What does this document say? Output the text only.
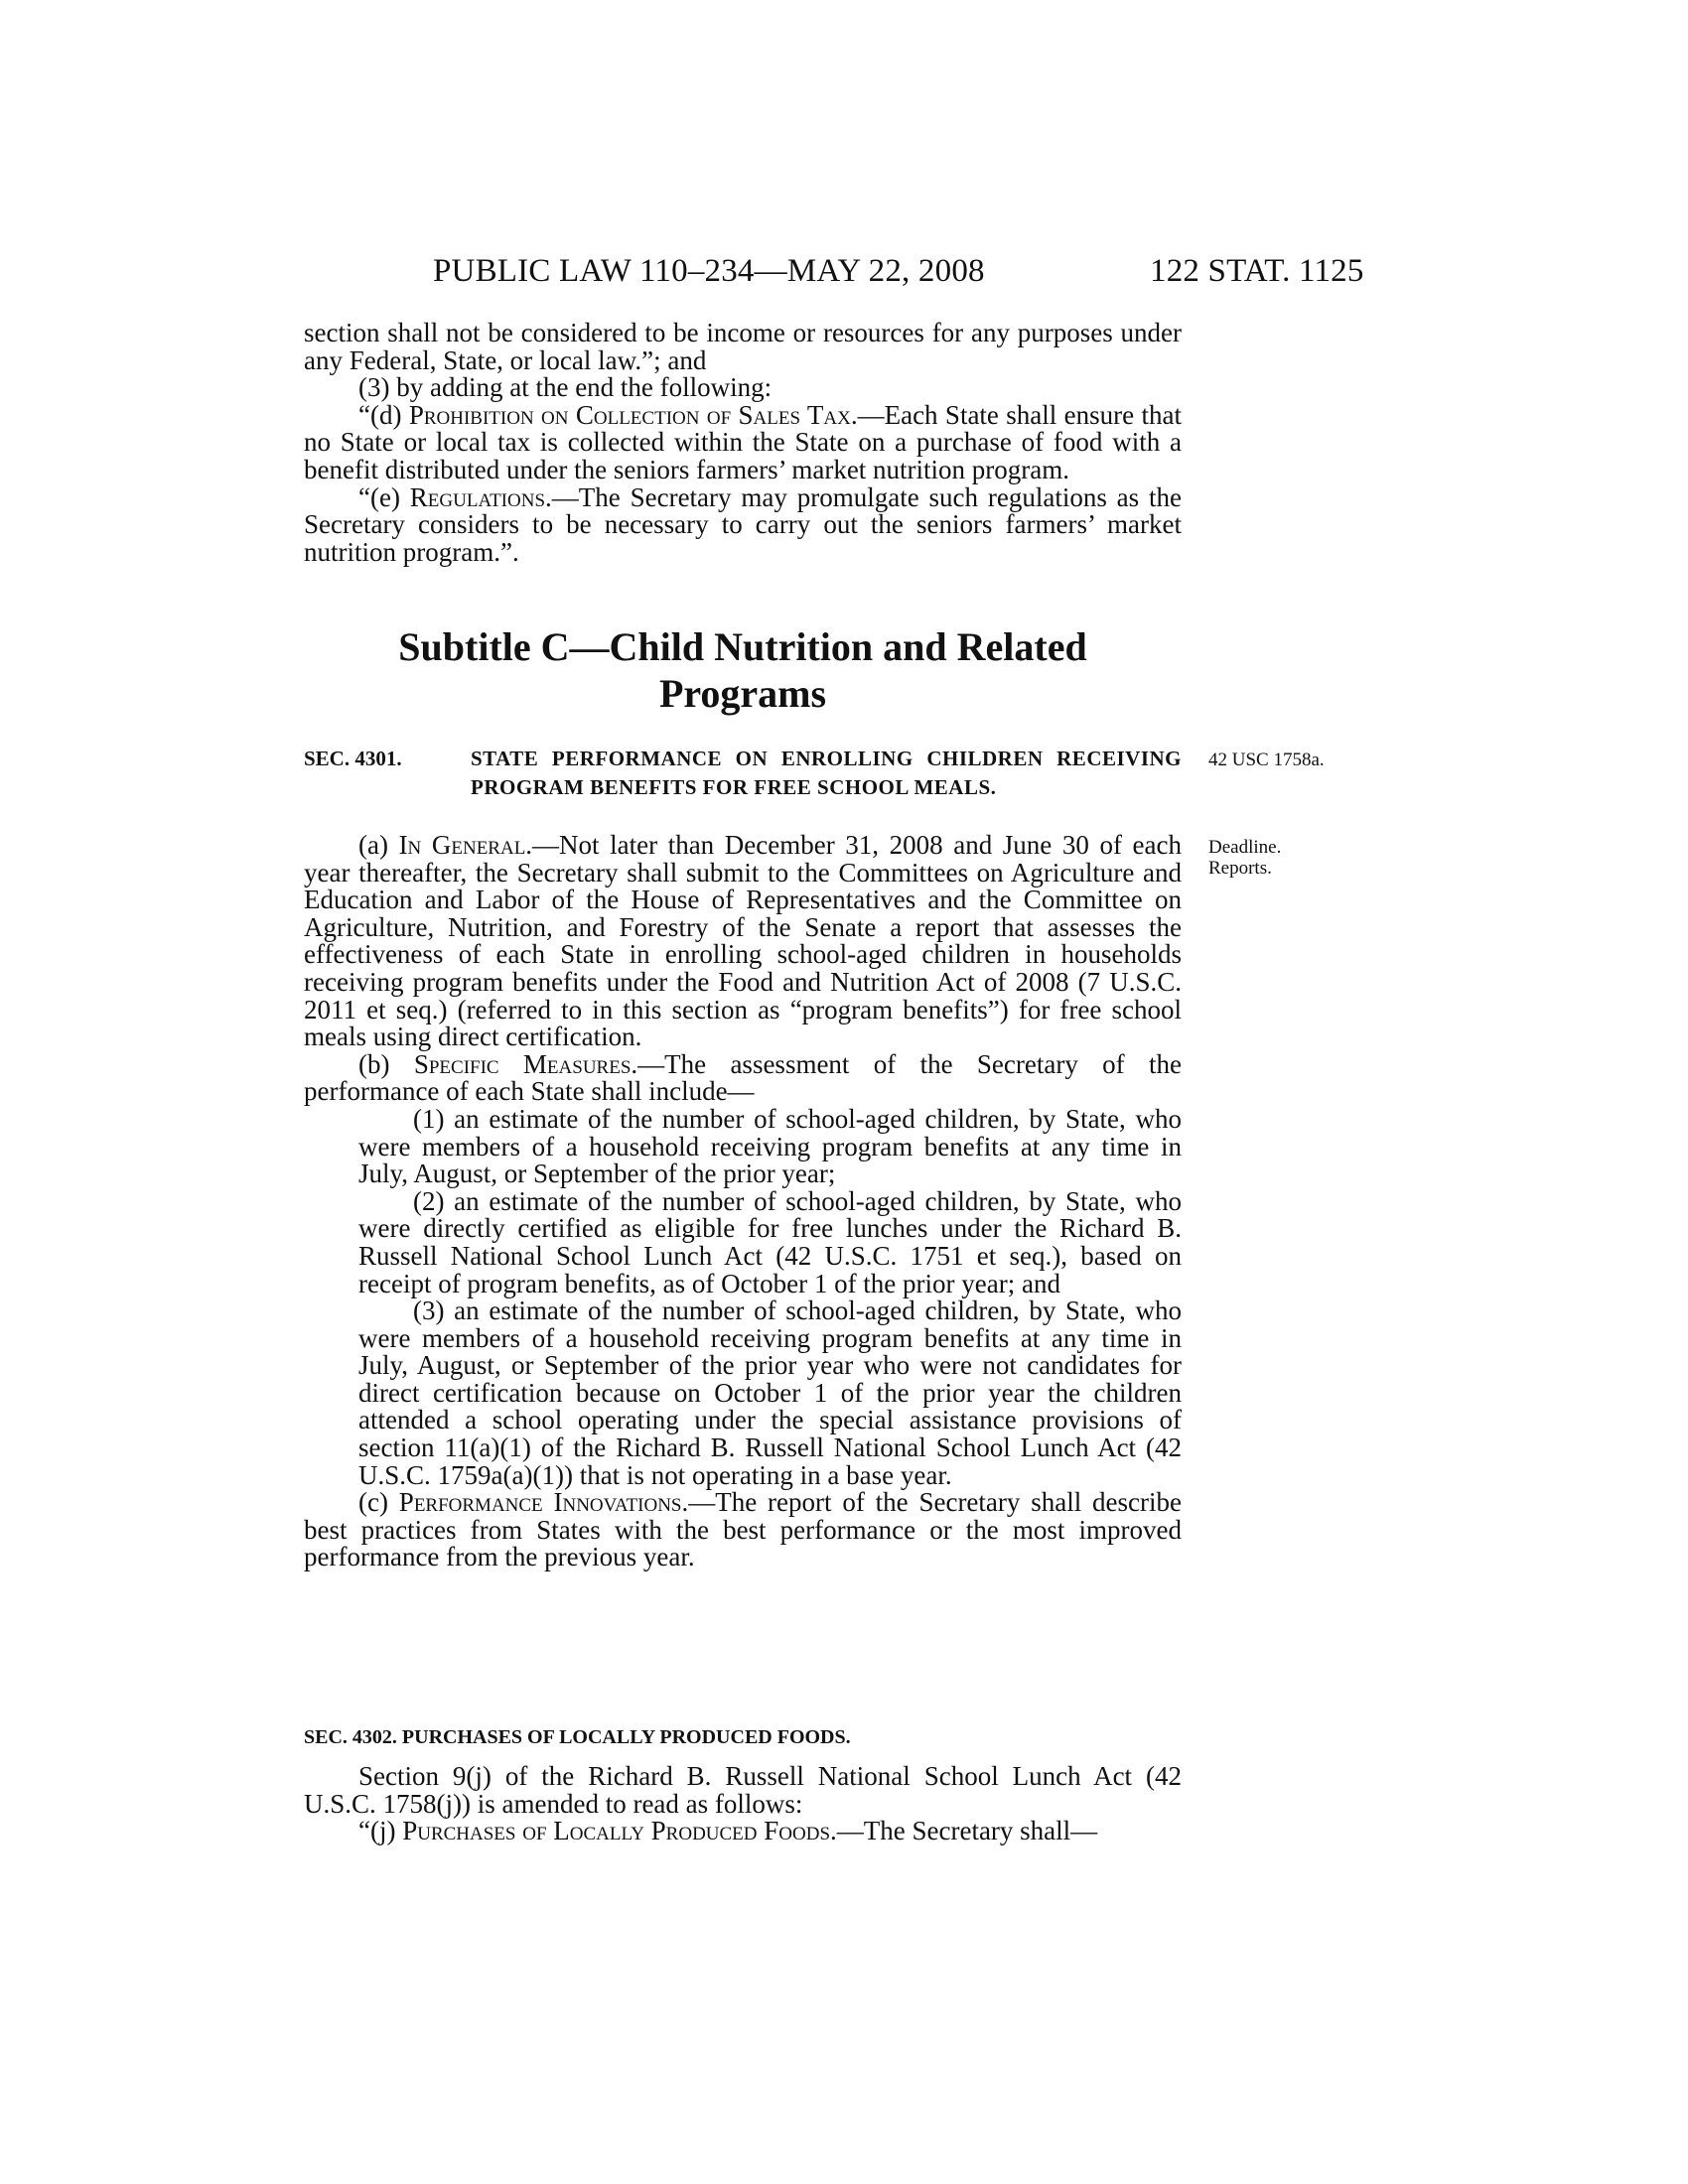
PUBLIC LAW 110–234—MAY 22, 2008	122 STAT. 1125

section shall not be considered to be income or resources for any purposes under any Federal, State, or local law.”; and

(3) by adding at the end the following:

“(d) Prohibition on Collection of Sales Tax.—Each State shall ensure that no State or local tax is collected within the State on a purchase of food with a benefit distributed under the seniors farmers’ market nutrition program.

“(e) Regulations.—The Secretary may promulgate such regulations as the Secretary considers to be necessary to carry out the seniors farmers’ market nutrition program.”.

Subtitle C—Child Nutrition and Related
Programs
SEC. 4301.	STATE PERFORMANCE ON ENROLLING CHILDREN RECEIVING PROGRAM BENEFITS FOR FREE SCHOOL MEALS.
42 USC 1758a.
Deadline.
Reports.

(a) In General.—Not later than December 31, 2008 and June 30 of each year thereafter, the Secretary shall submit to the Committees on Agriculture and Education and Labor of the House of Representatives and the Committee on Agriculture, Nutrition, and Forestry of the Senate a report that assesses the effectiveness of each State in enrolling school-aged children in households receiving program benefits under the Food and Nutrition Act of 2008 (7 U.S.C. 2011 et seq.) (referred to in this section as “program benefits”) for free school meals using direct certification.

(b) Specific Measures.—The assessment of the Secretary of the performance of each State shall include—

(1) an estimate of the number of school-aged children, by State, who were members of a household receiving program benefits at any time in July, August, or September of the prior year;

(2) an estimate of the number of school-aged children, by State, who were directly certified as eligible for free lunches under the Richard B. Russell National School Lunch Act (42 U.S.C. 1751 et seq.), based on receipt of program benefits, as of October 1 of the prior year; and

(3) an estimate of the number of school-aged children, by State, who were members of a household receiving program benefits at any time in July, August, or September of the prior year who were not candidates for direct certification because on October 1 of the prior year the children attended a school operating under the special assistance provisions of section 11(a)(1) of the Richard B. Russell National School Lunch Act (42 U.S.C. 1759a(a)(1)) that is not operating in a base year.

(c) Performance Innovations.—The report of the Secretary shall describe best practices from States with the best performance or the most improved performance from the previous year.

SEC. 4302. PURCHASES OF LOCALLY PRODUCED FOODS.

Section 9(j) of the Richard B. Russell National School Lunch Act (42 U.S.C. 1758(j)) is amended to read as follows:

“(j) Purchases of Locally Produced Foods.—The Secretary shall—
